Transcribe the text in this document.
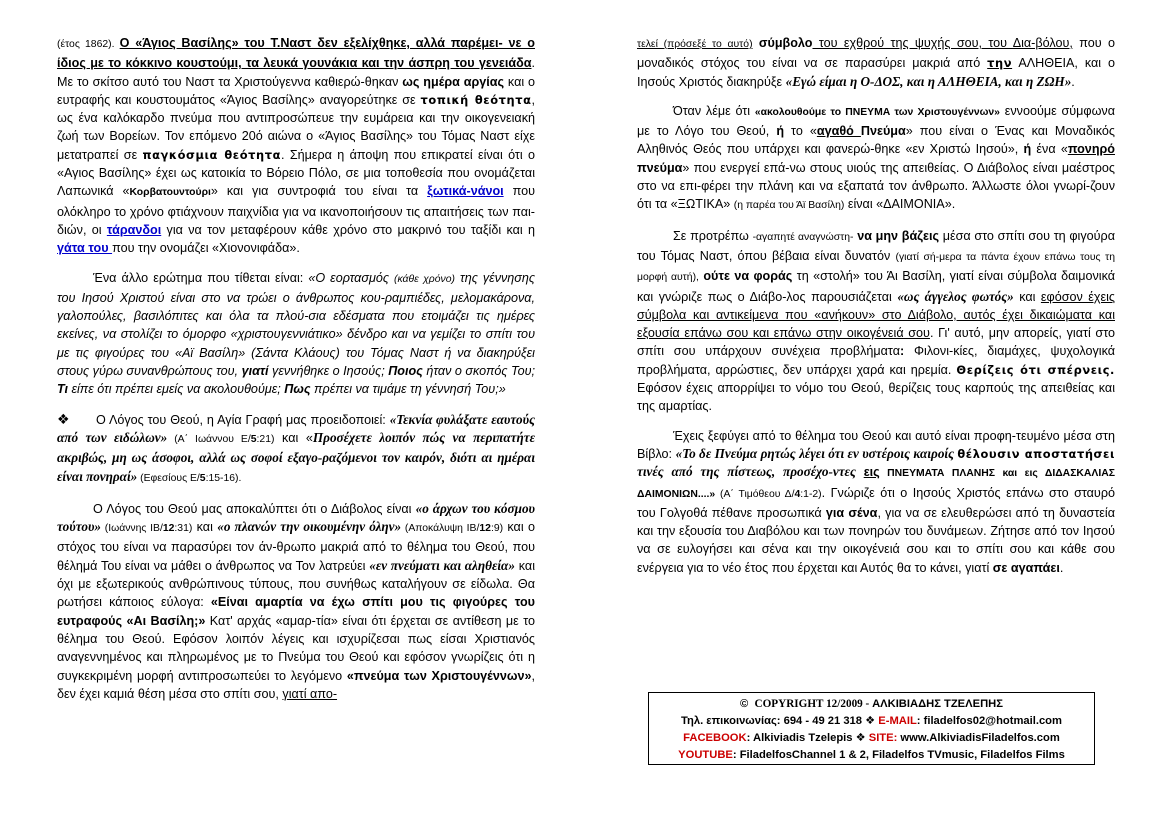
(έτος 1862). Ο «Άγιος Βασίλης» του Τ.Ναστ δεν εξελίχθηκε, αλλά παρέμει- νε ο ίδιος με το κόκκινο κουστούμι, τα λευκά γουνάκια και την άσπρη του γενειάδα. Με το σκίτσο αυτό του Ναστ τα Χριστούγεννα καθιερώ-θηκαν ως ημέρα αργίας και ο ευτραφής και κουστουμάτος «Άγιος Βασίλης» αναγορεύτηκε σε τοπική θεότητα, ως ένα καλόκαρδο πνεύμα που αντιπροσώπευε την ευμάρεια και την οικογενειακή ζωή των Βορείων. Τον επόμενο 20ό αιώνα ο «Άγιος Βασίλης» του Τόμας Ναστ είχε μετατραπεί σε παγκόσμια θεότητα. Σήμερα η άποψη που επικρατεί είναι ότι ο «Αγιος Βασίλης» έχει ως κατοικία το Βόρειο Πόλο, σε μια τοποθεσία που ονομάζεται Λαπωνικά «Κορβατουντούρι» και για συντροφιά του είναι τα ξωτικά-νάνοι που ολόκληρο το χρόνο φτιάχνουν παιχνίδια για να ικανοποιήσουν τις απαιτήσεις των παι-διών, οι τάρανδοι για να τον μεταφέρουν κάθε χρόνο στο μακρινό του ταξίδι και η γάτα του που την ονομάζει «Χιονονιφάδα».

Ένα άλλο ερώτημα που τίθεται είναι: «Ο εορτασμός (κάθε χρόνο) της γέννησης του Ιησού Χριστού είναι στο να τρώει ο άνθρωπος κου-ραμπιέδες, μελομακάρονα, γαλοπούλες, βασιλόπιτες και όλα τα πλού-σια εδέσματα που ετοιμάζει τις ημέρες εκείνες, να στολίζει το όμορφο «χριστουγεννιάτικο» δένδρο και να γεμίζει το σπίτι του με τις φιγούρες του «Αϊ Βασίλη» (Σάντα Κλάους) του Τόμας Ναστ ή να διακηρύξει στους γύρω συνανθρώπους του, γιατί γεννήθηκε ο Ιησούς; Ποιος ήταν ο σκοπός Του; Τι είπε ότι πρέπει εμείς να ακολουθούμε; Πως πρέπει να τιμάμε τη γέννησή Του;»

❖ Ο Λόγος του Θεού, η Αγία Γραφή μας προειδοποιεί: «Τεκνία φυλάξατε εαυτούς από των ειδώλων» (Α΄ Ιωάννου Ε/5:21) και «Προσέχετε λοιπόν πώς να περιπατήτε ακριβώς, μη ως άσοφοι, αλλά ως σοφοί εξαγο-ραζόμενοι τον καιρόν, διότι αι ημέραι είναι πονηραί» (Εφεσίους Ε/5:15-16).

Ο Λόγος του Θεού μας αποκαλύπτει ότι ο Διάβολος είναι «ο άρχων του κόσμου τούτου» (Ιωάννης ΙΒ/12:31) και «ο πλανών την οικουμένην όλην» (Αποκάλυψη ΙΒ/12:9) και ο στόχος του είναι να παρασύρει τον άν-θρωπο μακριά από το θέλημα του Θεού, που θέλημά Του είναι να μάθει ο άνθρωπος να Τον λατρεύει «εν πνεύματι και αληθεία» και όχι με εξωτερικούς ανθρώπινους τύπους, που συνήθως καταλήγουν σε είδωλα. Θα ρωτήσει κάποιος εύλογα: «Είναι αμαρτία να έχω σπίτι μου τις φιγούρες του ευτραφούς «Αι Βασίλη;» Κατ' αρχάς «αμαρ-τία» είναι ότι έρχεται σε αντίθεση με το θέλημα του Θεού. Εφόσον λοιπόν λέγεις και ισχυρίζεσαι πως είσαι Χριστιανός αναγεννημένος και πληρωμένος με το Πνεύμα του Θεού και εφόσον γνωρίζεις ότι η συγκεκριμένη μορφή αντιπροσωπεύει το λεγόμενο «πνεύμα των Χριστουγέννων», δεν έχει καμιά θέση μέσα στο σπίτι σου, γιατί απο-

τελεί (πρόσεξέ το αυτό) σύμβολο του εχθρού της ψυχής σου, του Δια-βόλου, που ο μοναδικός στόχος του είναι να σε παρασύρει μακριά από την ΑΛΗΘΕΙΑ, και ο Ιησούς Χριστός διακηρύξε «Εγώ είμαι η Ο-ΔΟΣ, και η ΑΛΗΘΕΙΑ, και η ΖΩΗ».

Όταν λέμε ότι «ακολουθούμε το ΠΝΕΥΜΑ των Χριστουγέννων» εννοούμε σύμφωνα με το Λόγο του Θεού, ή το «αγαθό Πνεύμα» που είναι ο Ένας και Μοναδικός Αληθινός Θεός που υπάρχει και φανερώ-θηκε «εν Χριστώ Ιησού», ή ένα «πονηρό πνεύμα» που ενεργεί επά-νω στους υιούς της απειθείας. Ο Διάβολος είναι μαέστρος στο να επι-φέρει την πλάνη και να εξαπατά τον άνθρωπο. Άλλωστε όλοι γνωρί-ζουν ότι τα «ΞΩΤΙΚΑ» (η παρέα του Άϊ Βασίλη) είναι «ΔΑΙΜΟΝΙΑ».

Σε προτρέπω -αγαπητέ αναγνώστη- να μην βάζεις μέσα στο σπίτι σου τη φιγούρα του Τόμας Ναστ, όπου βέβαια είναι δυνατόν (γιατί σή-μερα τα πάντα έχουν επάνω τους τη μορφή αυτή), ούτε να φοράς τη «στολή» του Άι Βασίλη, γιατί είναι σύμβολα δαιμονικά και γνώριζε πως ο Διάβο-λος παρουσιάζεται «ως άγγελος φωτός» και εφόσον έχεις σύμβολα και αντικείμενα που «ανήκουν» στο Διάβολο, αυτός έχει δικαιώματα και εξουσία επάνω σου και επάνω στην οικογένειά σου. Γι' αυτό, μην απορείς, γιατί στο σπίτι σου υπάρχουν συνέχεια προβλήματα: Φιλονι-κίες, διαμάχες, ψυχολογικά προβλήματα, αρρώστιες, δεν υπάρχει χαρά και ηρεμία. Θερίζεις ότι σπέρνεις. Εφόσον έχεις απορρίψει το νόμο του Θεού, θερίζεις τους καρπούς της απειθείας και της αμαρτίας.

Έχεις ξεφύγει από το θέλημα του Θεού και αυτό είναι προφη-τευμένο μέσα στη Βίβλο: «Το δε Πνεύμα ρητώς λέγει ότι εν υστέροις καιροίς θέλουσιν αποστατήσει τινές από της πίστεως, προσέχο-ντες εις ΠΝΕΥΜΑΤΑ ΠΛΑΝΗΣ και εις ΔΙΔΑΣΚΑΛΙΑΣ ΔΑΙΜΟΝΙΩΝ....» (Α΄ Τιμόθεου Δ/4:1-2). Γνώριζε ότι ο Ιησούς Χριστός επάνω στο σταυρό του Γολγοθά πέθανε προσωπικά για σένα, για να σε ελευθερώσει από τη δυναστεία και την εξουσία του Διαβόλου και των πονηρών του δυνάμεων. Ζήτησε από τον Ιησού να σε ευλογήσει και σένα και την οικογένειά σου και το σπίτι σου και κάθε σου ενέργεια για το νέο έτος που έρχεται και Αυτός θα το κάνει, γιατί σε αγαπάει.

© COPYRIGHT 12/2009 - ΑΛΚΙΒΙΑΔΗΣ ΤΖΕΛΕΠΗΣ
Τηλ. επικοινωνίας: 694 - 49 21 318 ❖ E-MAIL: filadelfos02@hotmail.com
FACEBOOK: Alkiviadis Tzelepis ❖ SITE: www.AlkiviadisFiladelfos.com
YOUTUBE: FiladelfosChannel 1 & 2, Filadelfos TVmusic, Filadelfos Films
